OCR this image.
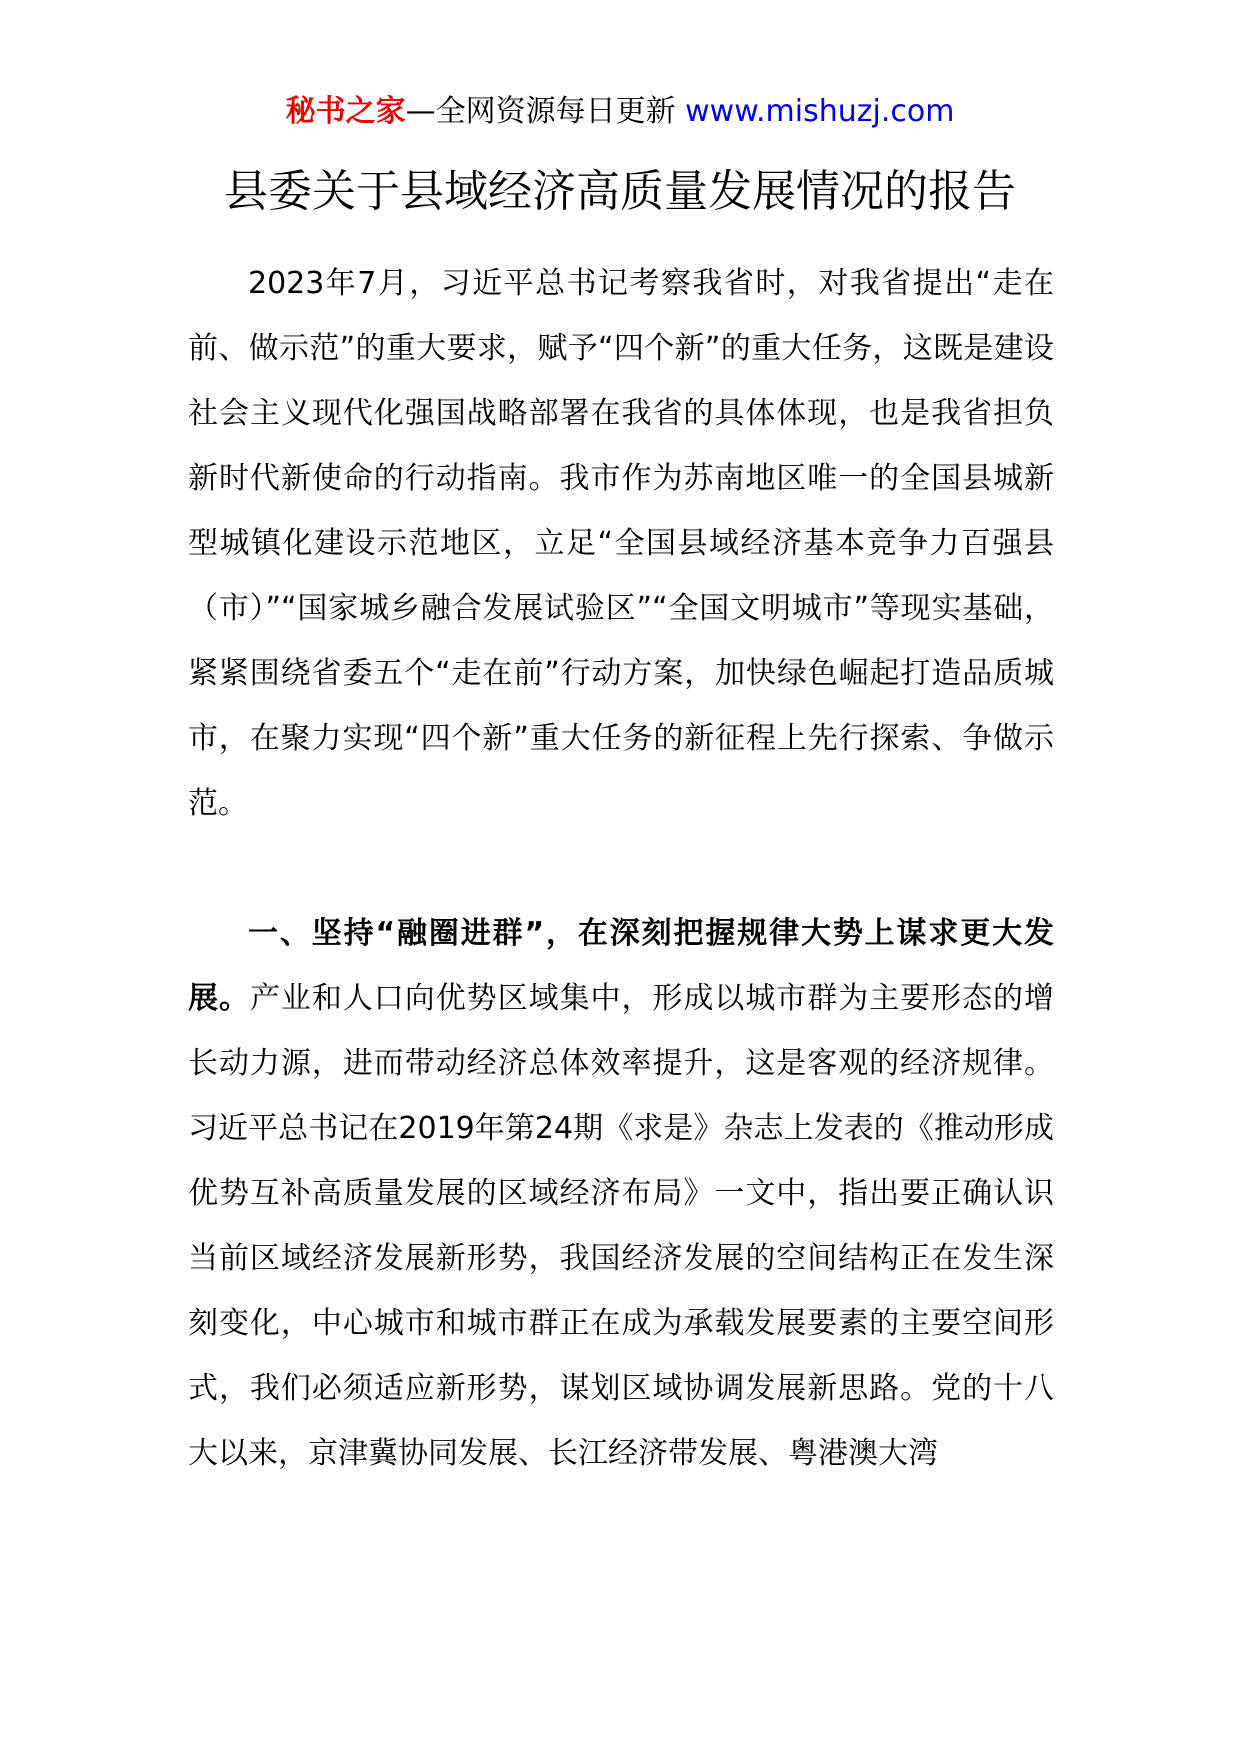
秘书之家—全网资源每日更新 www.mishuzj.com
县委关于县域经济高质量发展情况的报告

2023年7月，习近平总书记考察我省时，对我省提出“走在前、做示范”的重大要求，赋予“四个新”的重大任务，这既是建设社会主义现代化强国战略部署在我省的具体体现，也是我省担负新时代新使命的行动指南。我市作为苏南地区唯一的全国县城新型城镇化建设示范地区，立足“全国县域经济基本竞争力百强县（市）”“国家城乡融合发展试验区”“全国文明城市”等现实基础，紧紧围绕省委五个“走在前”行动方案，加快绿色崛起打造品质城市，在聚力实现“四个新”重大任务的新征程上先行探索、争做示范。

一、坚持“融圈进群”，在深刻把握规律大势上谋求更大发展。产业和人口向优势区域集中，形成以城市群为主要形态的增长动力源，进而带动经济总体效率提升，这是客观的经济规律。习近平总书记在2019年第24期《求是》杂志上发表的《推动形成优势互补高质量发展的区域经济布局》一文中，指出要正确认识当前区域经济发展新形势，我国经济发展的空间结构正在发生深刻变化，中心城市和城市群正在成为承载发展要素的主要空间形式，我们必须适应新形势，谋划区域协调发展新思路。党的十八大以来，京津冀协同发展、长江经济带发展、粤港澳大湾
